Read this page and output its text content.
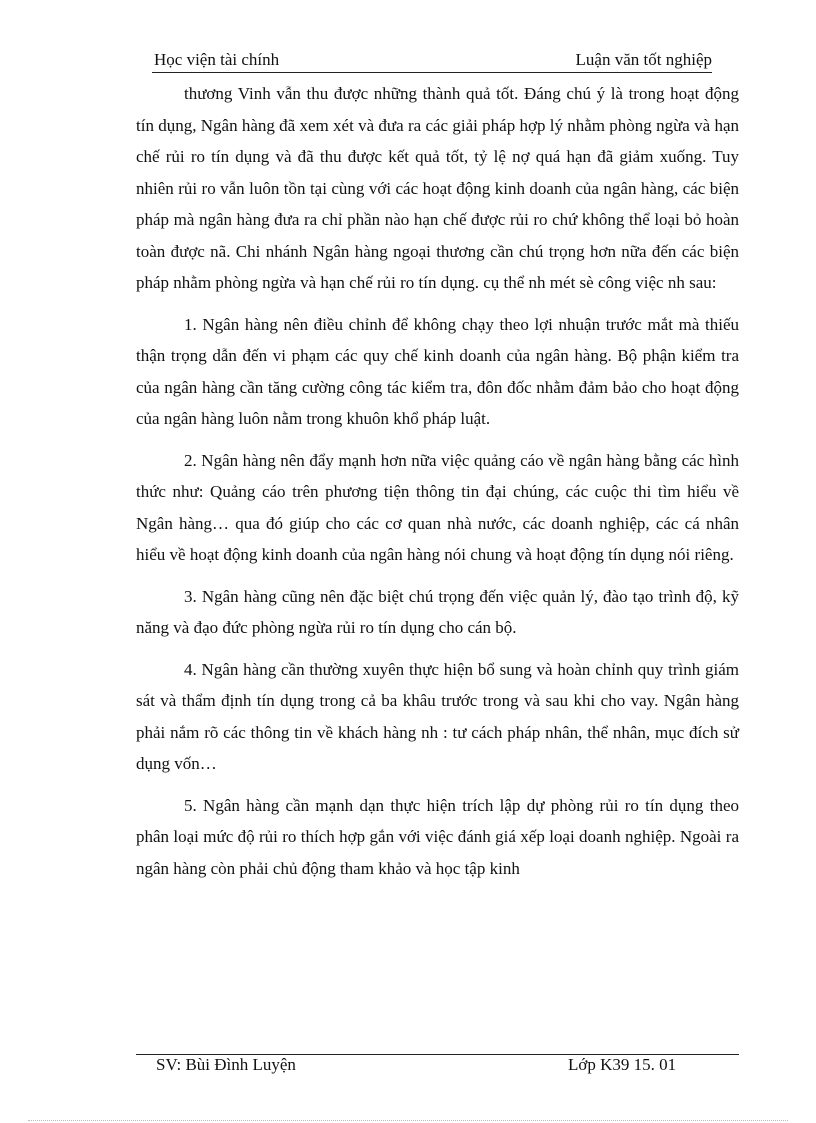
Học viện tài chính	Luận văn tốt nghiệp

thương Vinh vẫn thu được những thành quả tốt. Đáng chú ý là trong hoạt động tín dụng, Ngân hàng đã xem xét và đưa ra các giải pháp hợp lý nhằm phòng ngừa và hạn chế rủi ro tín dụng và đã thu được kết quả tốt, tỷ lệ nợ quá hạn đã giảm xuống. Tuy nhiên rủi ro vẫn luôn tồn tại cùng với các hoạt động kinh doanh của ngân hàng, các biện pháp mà ngân hàng đưa ra chỉ phần nào hạn chế được rủi ro chứ không thể loại bỏ hoàn toàn được nã. Chi nhánh Ngân hàng ngoại thương cần chú trọng hơn nữa đến các biện pháp nhằm phòng ngừa và hạn chế rủi ro tín dụng. cụ thể nh mét sè công việc nh sau:

1. Ngân hàng nên điều chỉnh để không chạy theo lợi nhuận trước mắt mà thiếu thận trọng dẫn đến vi phạm các quy chế kinh doanh của ngân hàng. Bộ phận kiểm tra của ngân hàng cần tăng cường công tác kiểm tra, đôn đốc nhằm đảm bảo cho hoạt động của ngân hàng luôn nằm trong khuôn khổ pháp luật.

2. Ngân hàng nên đẩy mạnh hơn nữa việc quảng cáo về ngân hàng bằng các hình thức như: Quảng cáo trên phương tiện thông tin đại chúng, các cuộc thi tìm hiểu về Ngân hàng… qua đó giúp cho các cơ quan nhà nước, các doanh nghiệp, các cá nhân hiểu về hoạt động kinh doanh của ngân hàng nói chung và hoạt động tín dụng nói riêng.

3. Ngân hàng cũng nên đặc biệt chú trọng đến việc quản lý, đào tạo trình độ, kỹ năng và đạo đức phòng ngừa rủi ro tín dụng cho cán bộ.

4. Ngân hàng cần thường xuyên thực hiện bổ sung và hoàn chỉnh quy trình giám sát và thẩm định tín dụng trong cả ba khâu trước trong và sau khi cho vay. Ngân hàng phải nắm rõ các thông tin về khách hàng nh : tư cách pháp nhân, thể nhân, mục đích sử dụng vốn…

5. Ngân hàng cần mạnh dạn thực hiện trích lập dự phòng rủi ro tín dụng theo phân loại mức độ rủi ro thích hợp gắn với việc đánh giá xếp loại doanh nghiệp. Ngoài ra ngân hàng còn phải chủ động tham khảo và học tập kinh

SV: Bùi Đình Luyện	Lớp K39 15. 01
